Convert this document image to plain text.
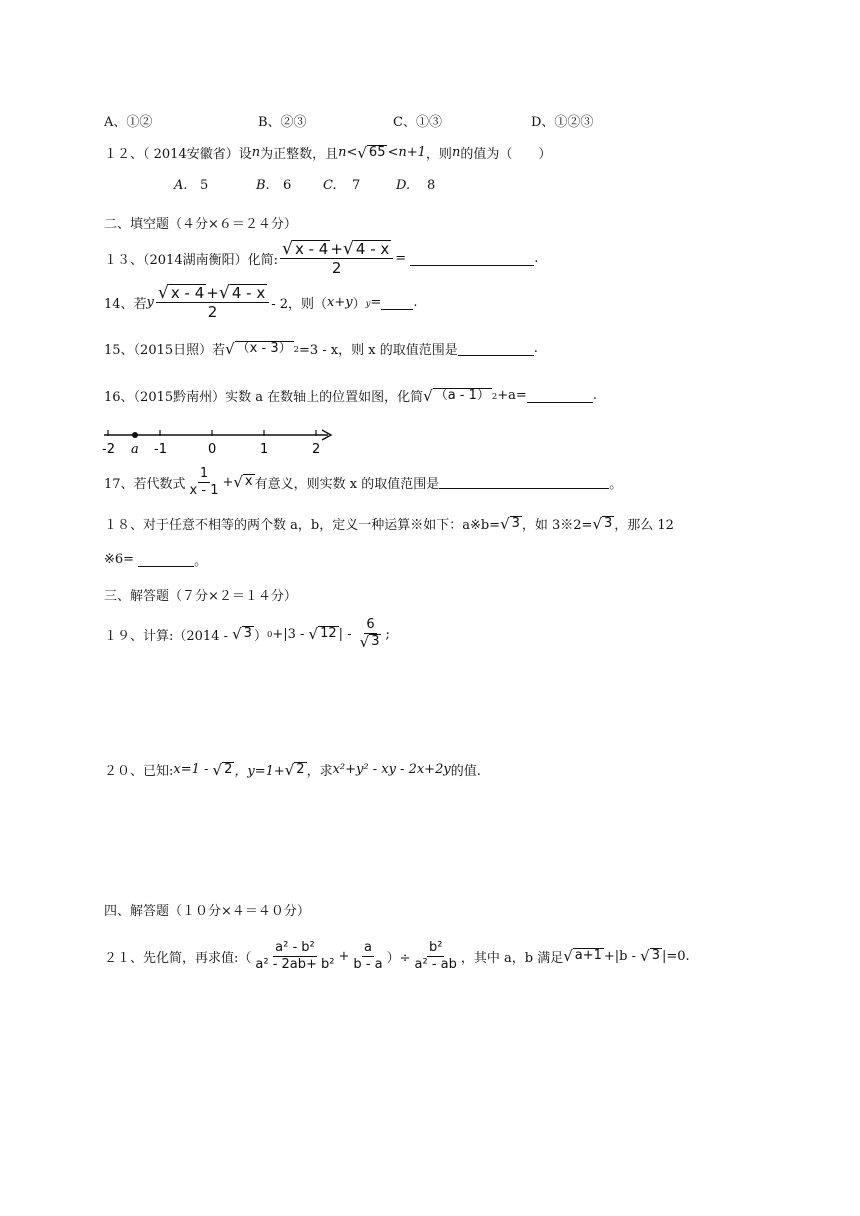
A、①②	B、②③	C、①③	D、①②③
１２、（ 2014安徽省）设 n 为正整数，且 n < √ 65 < n+1 ，则 n 的值为（　　）
A. 5	B. 6 C. 7	D. 8
二、填空题（４分×６＝２４分）
１３、（2014湖南衡阳）化简: $\frac{√ x - 4 + √ 4 - x}{2}$ =	.
14、若 y $\frac{√ x - 4 + √ 4 - x}{2} - 2$，则（ x+y ） y = .
15、（2015日照）若 √ （x - 3） 2 =3 - x，则 x 的取值范围是	.
16、（2015黔南州）实数 a 在数轴上的位置如图，化简 √ （a - 1） 2 +a=	.
-2 a -1	0	1	2
17、若代数式 $\frac{1}{x - 1}$ + √ x 有意义，则实数 x 的取值范围是	。
１８、对于任意不相等的两个数 a，b，定义一种运算※如下：a※b= √ 3 ，如 3※2= √ 3 ，那么 12
※6=	。
三、解答题（７分×２＝１４分）
１９、计算:（2014 - √ 3 ） 0 +|3 - √ 12 | - $\frac{6}{√ 3}$ ;
２０、已知: x=1 - √ 2 ，y=1+ √ 2 ，求 x²+y² - xy - 2x+2y 的值.
四、解答题（１０分×４＝４０分）
２１、先化简，再求值:（ $\frac{\text{a² - b²}}{\text{a² - 2ab+ b²}} + \frac{a}{b - a}$ ）÷ $\frac{\text{b²}}{\text{a² - ab}}$ ，其中 a，b 满足 √ a+1 +|b - √ 3 |=0.
